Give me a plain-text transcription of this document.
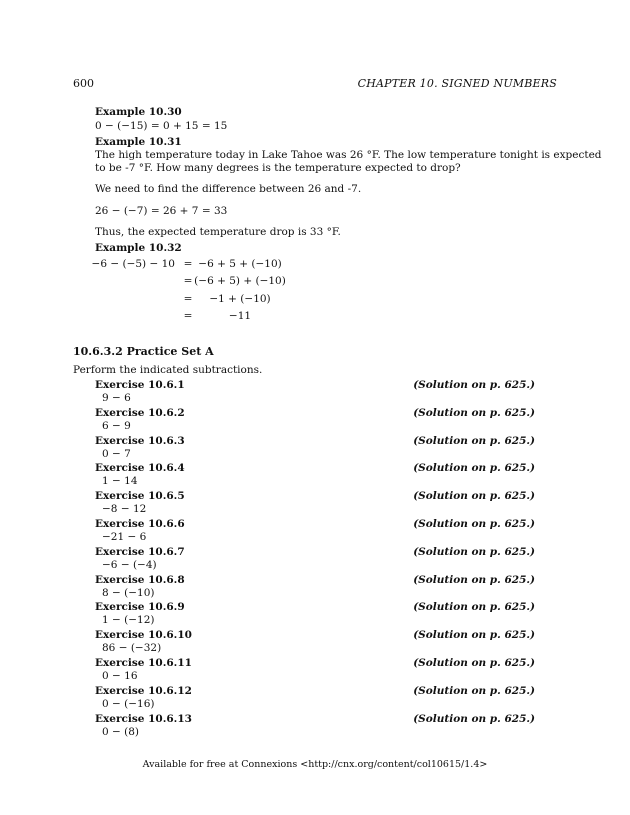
600	CHAPTER 10. SIGNED NUMBERS
Example 10.30
0 − (−15) = 0 + 15 = 15
Example 10.31
The high temperature today in Lake Tahoe was 26 °F. The low temperature tonight is expected
to be -7 °F. How many degrees is the temperature expected to drop?
We need to find the difference between 26 and -7.
26 − (−7) = 26 + 7 = 33
Thus, the expected temperature drop is 33 °F.
Example 10.32
−6 − (−5) − 10 = −6 + 5 + (−10)
= (−6 + 5) + (−10)
=	−1 + (−10)
=	−11
10.6.3.2 Practice Set A
Perform the indicated subtractions.
Exercise 10.6.1	(Solution on p. 625.)
9 − 6
Exercise 10.6.2	(Solution on p. 625.)
6 − 9
Exercise 10.6.3	(Solution on p. 625.)
0 − 7
Exercise 10.6.4	(Solution on p. 625.)
1 − 14
Exercise 10.6.5	(Solution on p. 625.)
−8 − 12
Exercise 10.6.6	(Solution on p. 625.)
−21 − 6
Exercise 10.6.7	(Solution on p. 625.)
−6 − (−4)
Exercise 10.6.8	(Solution on p. 625.)
8 − (−10)
Exercise 10.6.9	(Solution on p. 625.)
1 − (−12)
Exercise 10.6.10	(Solution on p. 625.)
86 − (−32)
Exercise 10.6.11	(Solution on p. 625.)
0 − 16
Exercise 10.6.12	(Solution on p. 625.)
0 − (−16)
Exercise 10.6.13	(Solution on p. 625.)
0 − (8)
Available for free at Connexions <http://cnx.org/content/col10615/1.4>
